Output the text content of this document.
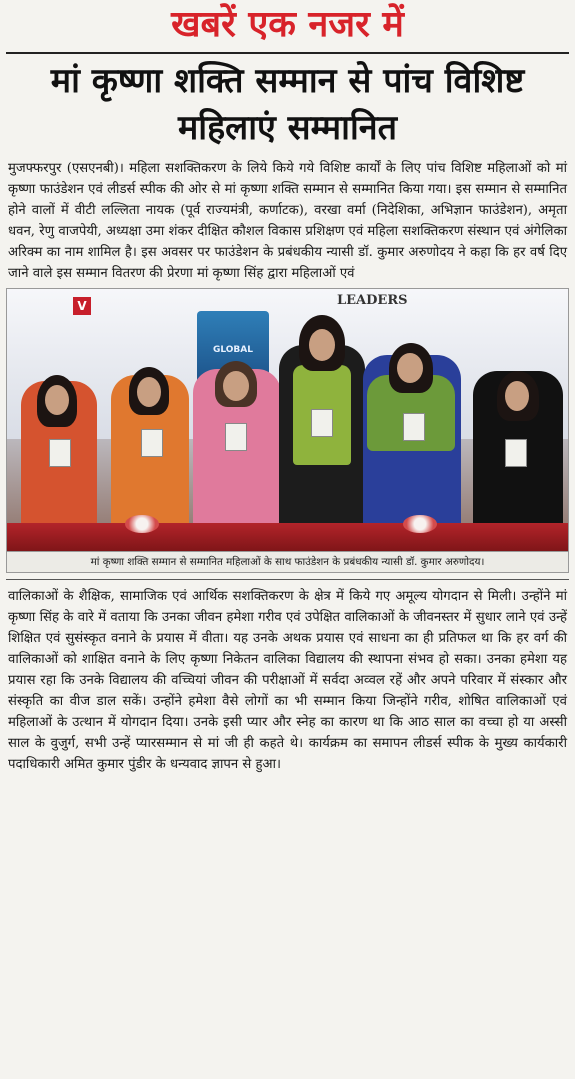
खबरें एक नजर में
मां कृष्णा शक्ति सम्मान से पांच विशिष्ट महिलाएं सम्मानित

मुजफ्फरपुर (एसएनबी)। महिला सशक्तिकरण के लिये किये गये विशिष्ट कार्यों के लिए पांच विशिष्ट महिलाओं को मां कृष्णा फाउंडेशन एवं लीडर्स स्पीक की ओर से मां कृष्णा शक्ति सम्मान से सम्मानित किया गया। इस सम्मान से सम्मानित होने वालों में वीटी लल्लिता नायक (पूर्व राज्यमंत्री, कर्णाटक), वरखा वर्मा (निदेशिका, अभिज्ञान फाउंडेशन), अमृता धवन, रेणु वाजपेयी, अध्यक्षा उमा शंकर दीक्षित कौशल विकास प्रशिक्षण एवं महिला सशक्तिकरण संस्थान एवं अंगेलिका अरिक्म का नाम शामिल है। इस अवसर पर फाउंडेशन के प्रबंधकीय न्यासी डॉ. कुमार अरुणोदय ने कहा कि हर वर्ष दिए जाने वाले इस सम्मान वितरण की प्रेरणा मां कृष्णा सिंह द्वारा महिलाओं एवं

V	LEADERS
GLOBAL
मां कृष्णा शक्ति सम्मान से सम्मानित महिलाओं के साथ फाउंडेशन के प्रबंधकीय न्यासी डॉ. कुमार अरुणोदय।

वालिकाओं के शैक्षिक, सामाजिक एवं आर्थिक सशक्तिकरण के क्षेत्र में किये गए अमूल्य योगदान से मिली। उन्होंने मां कृष्णा सिंह के वारे में वताया कि उनका जीवन हमेशा गरीव एवं उपेक्षित वालिकाओं के जीवनस्तर में सुधार लाने एवं उन्हें शिक्षित एवं सुसंस्कृत वनाने के प्रयास में वीता। यह उनके अथक प्रयास एवं साधना का ही प्रतिफल था कि हर वर्ग की वालिकाओं को शाक्षित वनाने के लिए कृष्णा निकेतन वालिका विद्यालय की स्थापना संभव हो सका। उनका हमेशा यह प्रयास रहा कि उनके विद्यालय की वच्चियां जीवन की परीक्षाओं में सर्वदा अव्वल रहें और अपने परिवार में संस्कार और संस्कृति का वीज डाल सकें। उन्होंने हमेशा वैसे लोगों का भी सम्मान किया जिन्होंने गरीव, शोषित वालिकाओं एवं महिलाओं के उत्थान में योगदान दिया। उनके इसी प्यार और स्नेह का कारण था कि आठ साल का वच्चा हो या अस्सी साल के वुजुर्ग, सभी उन्हें प्यारसम्मान से मां जी ही कहते थे। कार्यक्रम का समापन लीडर्स स्पीक के मुख्य कार्यकारी पदाधिकारी अमित कुमार पुंडीर के धन्यवाद ज्ञापन से हुआ।
